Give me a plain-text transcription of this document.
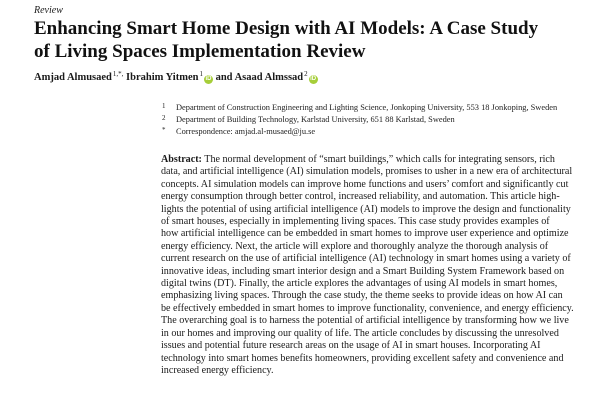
Review
Enhancing Smart Home Design with AI Models: A Case Study
of Living Spaces Implementation Review
Amjad Almusaed$^{1,*,}$ Ibrahim Yitmen$^1$iD and Asaad Almssad$^2$iD
1 Department of Construction Engineering and Lighting Science, Jonkoping University, 553 18 Jonkoping, Sweden
2 Department of Building Technology, Karlstad University, 651 88 Karlstad, Sweden
* Correspondence: amjad.al-musaed@ju.se
Abstract: The normal development of “smart buildings,” which calls for integrating sensors, rich
data, and artificial intelligence (AI) simulation models, promises to usher in a new era of architectural
concepts. AI simulation models can improve home functions and users’ comfort and significantly cut
energy consumption through better control, increased reliability, and automation. This article high-
lights the potential of using artificial intelligence (AI) models to improve the design and functionality
of smart houses, especially in implementing living spaces. This case study provides examples of
how artificial intelligence can be embedded in smart homes to improve user experience and optimize
energy efficiency. Next, the article will explore and thoroughly analyze the thorough analysis of
current research on the use of artificial intelligence (AI) technology in smart homes using a variety of
innovative ideas, including smart interior design and a Smart Building System Framework based on
digital twins (DT). Finally, the article explores the advantages of using AI models in smart homes,
emphasizing living spaces. Through the case study, the theme seeks to provide ideas on how AI can
be effectively embedded in smart homes to improve functionality, convenience, and energy efficiency.
The overarching goal is to harness the potential of artificial intelligence by transforming how we live
in our homes and improving our quality of life. The article concludes by discussing the unresolved
issues and potential future research areas on the usage of AI in smart houses. Incorporating AI
technology into smart homes benefits homeowners, providing excellent safety and convenience and
increased energy efficiency.
